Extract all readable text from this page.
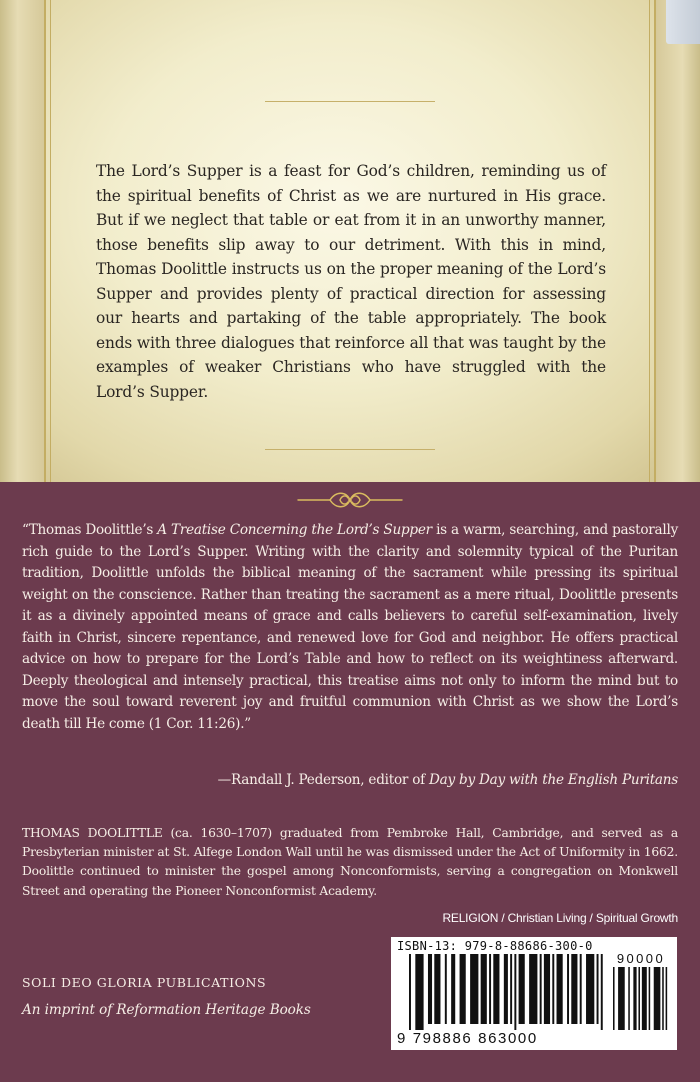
The Lord’s Supper is a feast for God’s children, reminding us of the spiritual benefits of Christ as we are nurtured in His grace. But if we neglect that table or eat from it in an unworthy manner, those benefits slip away to our detriment. With this in mind, Thomas Doolittle instructs us on the proper meaning of the Lord’s Supper and provides plenty of practical direction for assessing our hearts and partaking of the table appropriately. The book ends with three dialogues that reinforce all that was taught by the examples of weaker Christians who have struggled with the Lord’s Supper.

“Thomas Doolittle’s A Treatise Concerning the Lord’s Supper is a warm, searching, and pastorally rich guide to the Lord’s Supper. Writing with the clarity and solemnity typical of the Puritan tradition, Doolittle unfolds the biblical meaning of the sacrament while pressing its spiritual weight on the conscience. Rather than treating the sacrament as a mere ritual, Doolittle presents it as a divinely appointed means of grace and calls believers to careful self-examination, lively faith in Christ, sincere repentance, and renewed love for God and neighbor. He offers practical advice on how to prepare for the Lord’s Table and how to reflect on its weightiness afterward. Deeply theological and intensely practical, this treatise aims not only to inform the mind but to move the soul toward reverent joy and fruitful communion with Christ as we show the Lord’s death till He come (1 Cor. 11:26).”

—Randall J. Pederson, editor of Day by Day with the English Puritans

THOMAS DOOLITTLE (ca. 1630–1707) graduated from Pembroke Hall, Cambridge, and served as a Presbyterian minister at St. Alfege London Wall until he was dismissed under the Act of Uniformity in 1662. Doolittle continued to minister the gospel among Nonconformists, serving a congregation on Monkwell Street and operating the Pioneer Nonconformist Academy.

RELIGION / Christian Living / Spiritual Growth

SOLI DEO GLORIA PUBLICATIONS

An imprint of Reformation Heritage Books

ISBN-13: 979-8-88686-300-0

90000

9 798886 863000
